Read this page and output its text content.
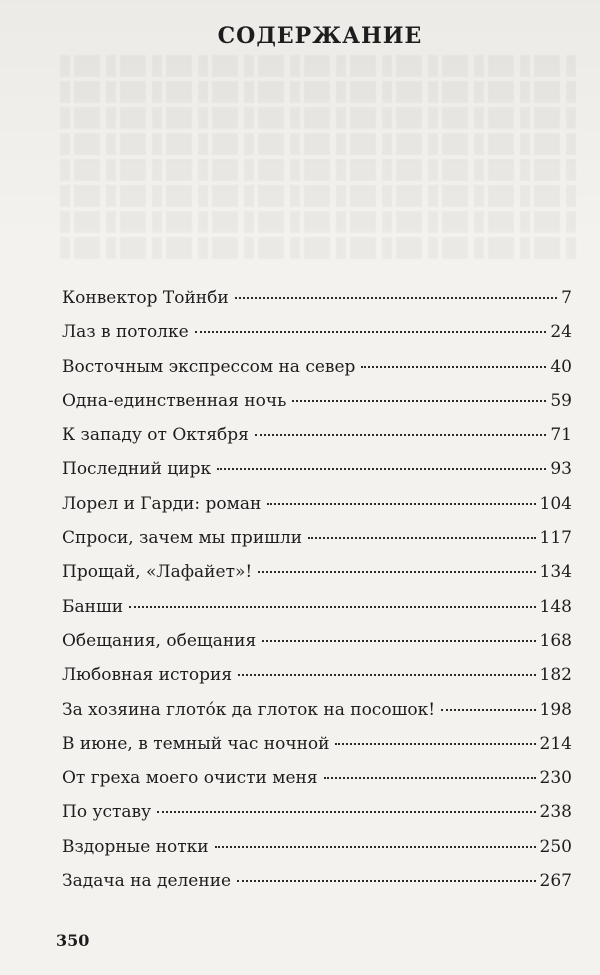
СОДЕРЖАНИЕ
Конвектор Тойнби	7
Лаз в потолке	24
Восточным экспрессом на север	40
Одна-единственная ночь	59
К западу от Октября	71
Последний цирк	93
Лорел и Гарди: роман	104
Спроси, зачем мы пришли	117
Прощай, «Лафайет»!	134
Банши	148
Обещания, обещания	168
Любовная история	182
За хозяина глото́к да глоток на посошок!	198
В июне, в темный час ночной	214
От греха моего очисти меня	230
По уставу	238
Вздорные нотки	250
Задача на деление	267
350
